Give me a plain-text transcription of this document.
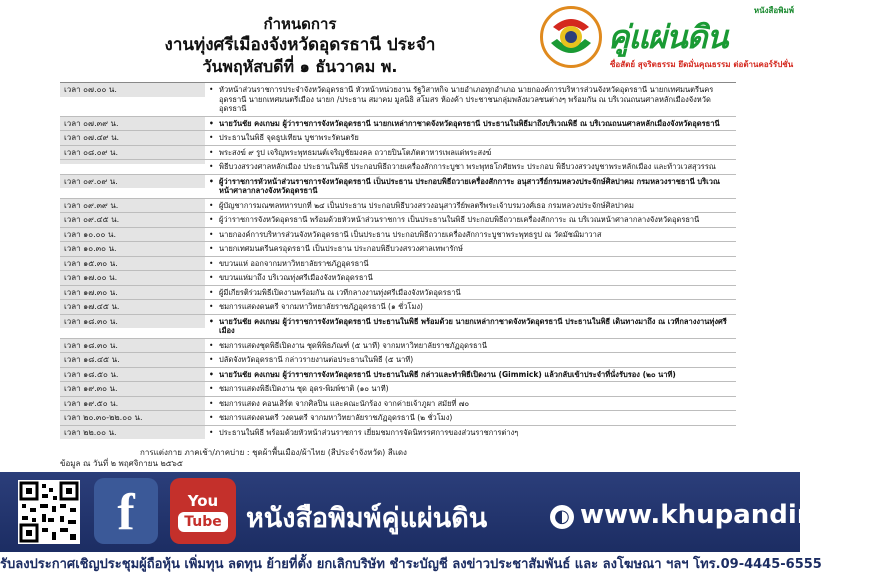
กำหนดการ
งานทุ่งศรีเมืองจังหวัดอุดรธานี ประจำ
วันพฤหัสบดีที่ ๑ ธันวาคม พ.
หนังสือพิมพ์
คู่แผ่นดิน
ซื่อสัตย์ สุจริตธรรม ยึดมั่นคุณธรรม ต่อต้านคอร์รัปชั่น
เวลา ๐๗.๐๐ น.	• หัวหน้าส่วนราชการประจำจังหวัดอุดรธานี หัวหน้าหน่วยงาน รัฐวิสาหกิจ นายอำเภอทุกอำเภอ นายกองค์การบริหารส่วนจังหวัดอุดรธานี นายกเทศมนตรีนครอุดรธานี นายกเทศมนตรีเมือง นายก /ประธาน สมาคม มูลนิธิ สโมสร ห้องค้า ประชาชนกลุ่มพลังมวลชนต่างๆ พร้อมกัน ณ บริเวณถนนศาลหลักเมืองจังหวัดอุดรธานี
เวลา ๐๗.๓๙ น.	• นายวันชัย คงเกษม ผู้ว่าราชการจังหวัดอุดรธานี นายกเหล่ากาชาดจังหวัดอุดรธานี ประธานในพิธีมาถึงบริเวณพิธี ณ บริเวณถนนศาลหลักเมืองจังหวัดอุดรธานี
เวลา ๐๗.๔๙ น.	• ประธานในพิธี จุดธูปเทียน บูชาพระรัตนตรัย
เวลา ๐๘.๐๙ น.	• พระสงฆ์ ๙ รูป เจริญพระพุทธมนต์เจริญชัยมงคล ถวายปินโตภัตตาหารเพลแด่พระสงฆ์
• พิธีบวงสรวงศาลหลักเมือง ประธานในพิธี ประกอบพิธีถวายเครื่องสักการะบูชา พระพุทธโกศัยพระ ประกอบ พิธีบวงสรวงบูชาพระหลักเมือง และท้าวเวสสุวรรณ
เวลา ๐๙.๐๙ น.	• ผู้ว่าราชการหัวหน้าส่วนราชการจังหวัดอุดรธานี เป็นประธาน ประกอบพิธีถวายเครื่องสักการะ อนุสาวรีย์กรมหลวงประจักษ์ศิลปาคม กรมหลวงราชธานี บริเวณหน้าศาลากลางจังหวัดอุดรธานี
เวลา ๐๙.๓๙ น.	• ผู้บัญชาการมณฑลทหารบกที่ ๒๔ เป็นประธาน ประกอบพิธีบวงสรวงอนุสาวรีย์พลตรีพระเจ้าบรมวงศ์เธอ กรมหลวงประจักษ์ศิลปาคม
เวลา ๐๙.๔๕ น.	• ผู้ว่าราชการจังหวัดอุดรธานี พร้อมด้วยหัวหน้าส่วนราชการ เป็นประธานในพิธี ประกอบพิธีถวายเครื่องสักการะ ณ บริเวณหน้าศาลากลางจังหวัดอุดรธานี
เวลา ๑๐.๐๐ น.	• นายกองค์การบริหารส่วนจังหวัดอุดรธานี เป็นประธาน ประกอบพิธีถวายเครื่องสักการะบูชาพระพุทธรูป ณ วัดมัชฌิมาวาส
เวลา ๑๐.๓๐ น.	• นายกเทศมนตรีนครอุดรธานี เป็นประธาน ประกอบพิธีบวงสรวงศาลเทพารักษ์
เวลา ๑๕.๓๐ น.	• ขบวนแห่ ออกจากมหาวิทยาลัยราชภัฏอุดรธานี
เวลา ๑๗.๐๐ น.	• ขบวนแห่มาถึง บริเวณทุ่งศรีเมืองจังหวัดอุดรธานี
เวลา ๑๗.๓๐ น.	• ผู้มีเกียรติร่วมพิธีเปิดงานพร้อมกัน ณ เวทีกลางงานทุ่งศรีเมืองจังหวัดอุดรธานี
เวลา ๑๗.๔๕ น.	• ชมการแสดงดนตรี จากมหาวิทยาลัยราชภัฏอุดรธานี (๑ ชั่วโมง)
เวลา ๑๘.๓๐ น.	• นายวันชัย คงเกษม ผู้ว่าราชการจังหวัดอุดรธานี ประธานในพิธี พร้อมด้วย นายกเหล่ากาชาดจังหวัดอุดรธานี ประธานในพิธี เดินทางมาถึง ณ เวทีกลางงานทุ่งศรีเมือง
เวลา ๑๘.๓๐ น.	• ชมการแสดงชุดพิธีเปิดงาน ชุดพิพิธภัณฑ์ (๕ นาที) จากมหาวิทยาลัยราชภัฏอุดรธานี
เวลา ๑๘.๔๕ น.	• ปลัดจังหวัดอุดรธานี กล่าวรายงานต่อประธานในพิธี (๕ นาที)
เวลา ๑๘.๕๐ น.	• นายวันชัย คงเกษม ผู้ว่าราชการจังหวัดอุดรธานี ประธานในพิธี กล่าวและทำพิธีเปิดงาน (Gimmick) แล้วกลับเข้าประจำที่นั่งรับรอง (๒๐ นาที)
เวลา ๑๙.๓๐ น.	• ชมการแสดงพิธีเปิดงาน ชุด อุดร-พิมพ์ชาติ (๑๐ นาที)
เวลา ๑๙.๕๐ น.	• ชมการแสดง คอนเสิร์ต จากศิลปิน และคณะนักร้อง จากค่ายเจ้าภูผา สมัยที่ ๗๐
เวลา ๒๐.๓๐-๒๒.๐๐ น.	• ชมการแสดงดนตรี วงดนตรี จากมหาวิทยาลัยราชภัฏอุดรธานี (๒ ชั่วโมง)
เวลา ๒๒.๐๐ น.	• ประธานในพิธี พร้อมด้วยหัวหน้าส่วนราชการ เยี่ยมชมการจัดนิทรรศการของส่วนราชการต่างๆ
การแต่งกาย ภาคเช้า/ภาคบ่าย : ชุดผ้าพื้นเมือง/ผ้าไทย (สีประจำจังหวัด) สีแดง
ข้อมูล ณ วันที่ ๒ พฤศจิกายน ๒๕๖๕
f	You
Tube หนังสือพิมพ์คู่แผ่นดิน	◐ www.khupandin.com
รับลงประกาศเชิญประชุมผู้ถือหุ้น เพิ่มทุน ลดทุน ย้ายที่ตั้ง ยกเลิกบริษัท ชำระบัญชี ลงข่าวประชาสัมพันธ์ และ ลงโฆษณา ฯลฯ โทร.09-4445-6555
